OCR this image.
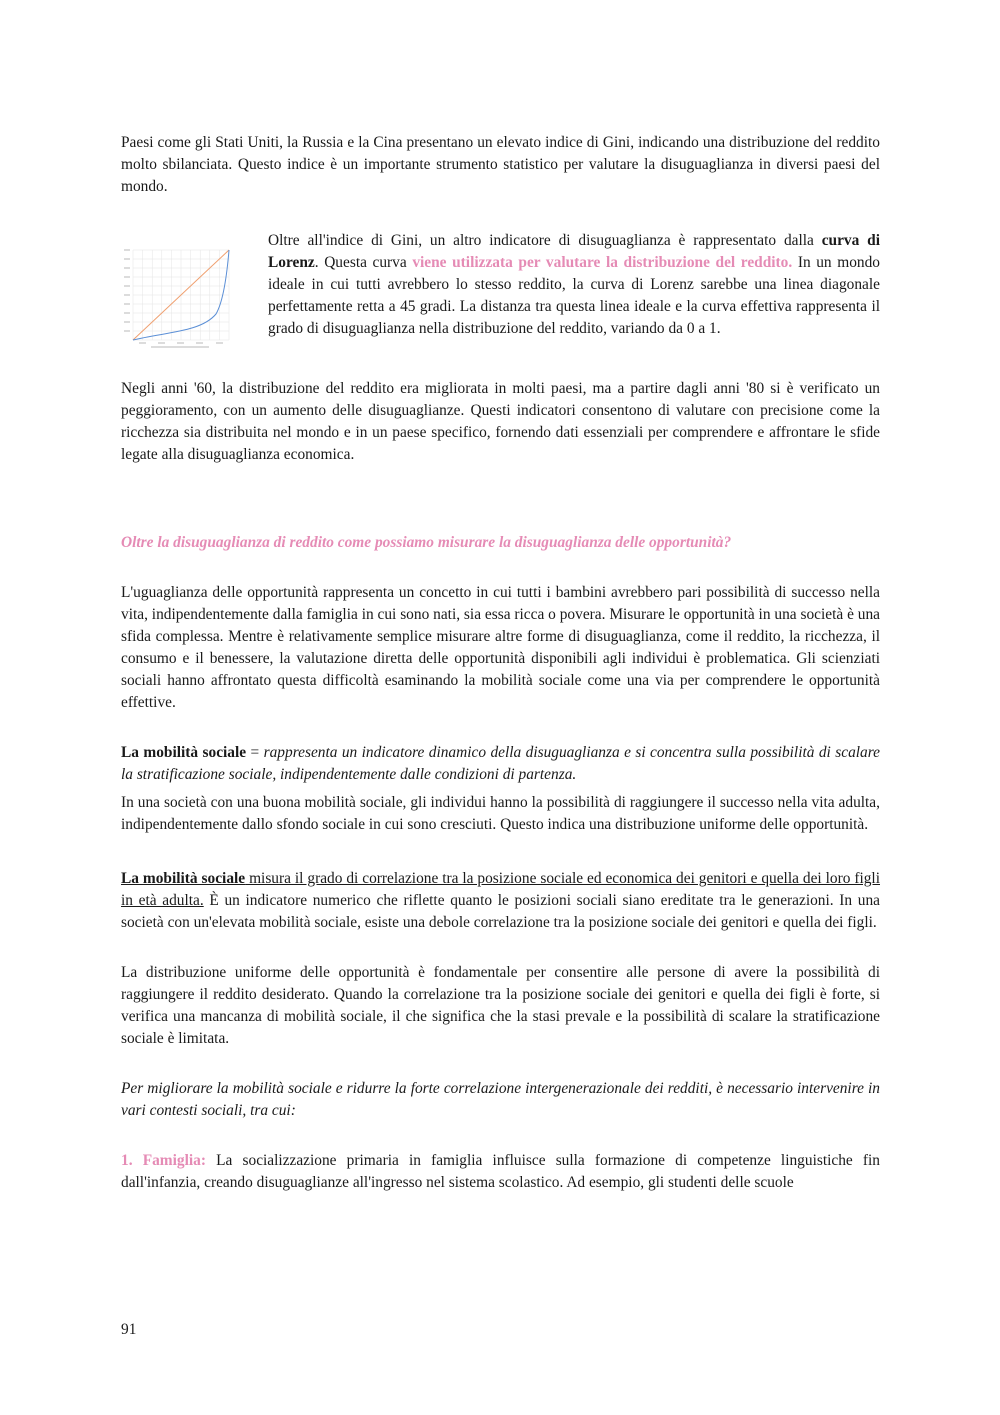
Paesi come gli Stati Uniti, la Russia e la Cina presentano un elevato indice di Gini, indicando una distribuzione del reddito molto sbilanciata. Questo indice è un importante strumento statistico per valutare la disuguaglianza in diversi paesi del mondo.

Oltre all'indice di Gini, un altro indicatore di disuguaglianza è rappresentato dalla curva di Lorenz. Questa curva viene utilizzata per valutare la distribuzione del reddito. In un mondo ideale in cui tutti avrebbero lo stesso reddito, la curva di Lorenz sarebbe una linea diagonale perfettamente retta a 45 gradi. La distanza tra questa linea ideale e la curva effettiva rappresenta il grado di disuguaglianza nella distribuzione del reddito, variando da 0 a 1.

Negli anni '60, la distribuzione del reddito era migliorata in molti paesi, ma a partire dagli anni '80 si è verificato un peggioramento, con un aumento delle disuguaglianze. Questi indicatori consentono di valutare con precisione come la ricchezza sia distribuita nel mondo e in un paese specifico, fornendo dati essenziali per comprendere e affrontare le sfide legate alla disuguaglianza economica.

Oltre la disuguaglianza di reddito come possiamo misurare la disuguaglianza delle opportunità?

L'uguaglianza delle opportunità rappresenta un concetto in cui tutti i bambini avrebbero pari possibilità di successo nella vita, indipendentemente dalla famiglia in cui sono nati, sia essa ricca o povera. Misurare le opportunità in una società è una sfida complessa. Mentre è relativamente semplice misurare altre forme di disuguaglianza, come il reddito, la ricchezza, il consumo e il benessere, la valutazione diretta delle opportunità disponibili agli individui è problematica. Gli scienziati sociali hanno affrontato questa difficoltà esaminando la mobilità sociale come una via per comprendere le opportunità effettive.

La mobilità sociale = rappresenta un indicatore dinamico della disuguaglianza e si concentra sulla possibilità di scalare la stratificazione sociale, indipendentemente dalle condizioni di partenza.

In una società con una buona mobilità sociale, gli individui hanno la possibilità di raggiungere il successo nella vita adulta, indipendentemente dallo sfondo sociale in cui sono cresciuti. Questo indica una distribuzione uniforme delle opportunità.

La mobilità sociale misura il grado di correlazione tra la posizione sociale ed economica dei genitori e quella dei loro figli in età adulta. È un indicatore numerico che riflette quanto le posizioni sociali siano ereditate tra le generazioni. In una società con un'elevata mobilità sociale, esiste una debole correlazione tra la posizione sociale dei genitori e quella dei figli.

La distribuzione uniforme delle opportunità è fondamentale per consentire alle persone di avere la possibilità di raggiungere il reddito desiderato. Quando la correlazione tra la posizione sociale dei genitori e quella dei figli è forte, si verifica una mancanza di mobilità sociale, il che significa che la stasi prevale e la possibilità di scalare la stratificazione sociale è limitata.

Per migliorare la mobilità sociale e ridurre la forte correlazione intergenerazionale dei redditi, è necessario intervenire in vari contesti sociali, tra cui:

1. Famiglia: La socializzazione primaria in famiglia influisce sulla formazione di competenze linguistiche fin dall'infanzia, creando disuguaglianze all'ingresso nel sistema scolastico. Ad esempio, gli studenti delle scuole

91
